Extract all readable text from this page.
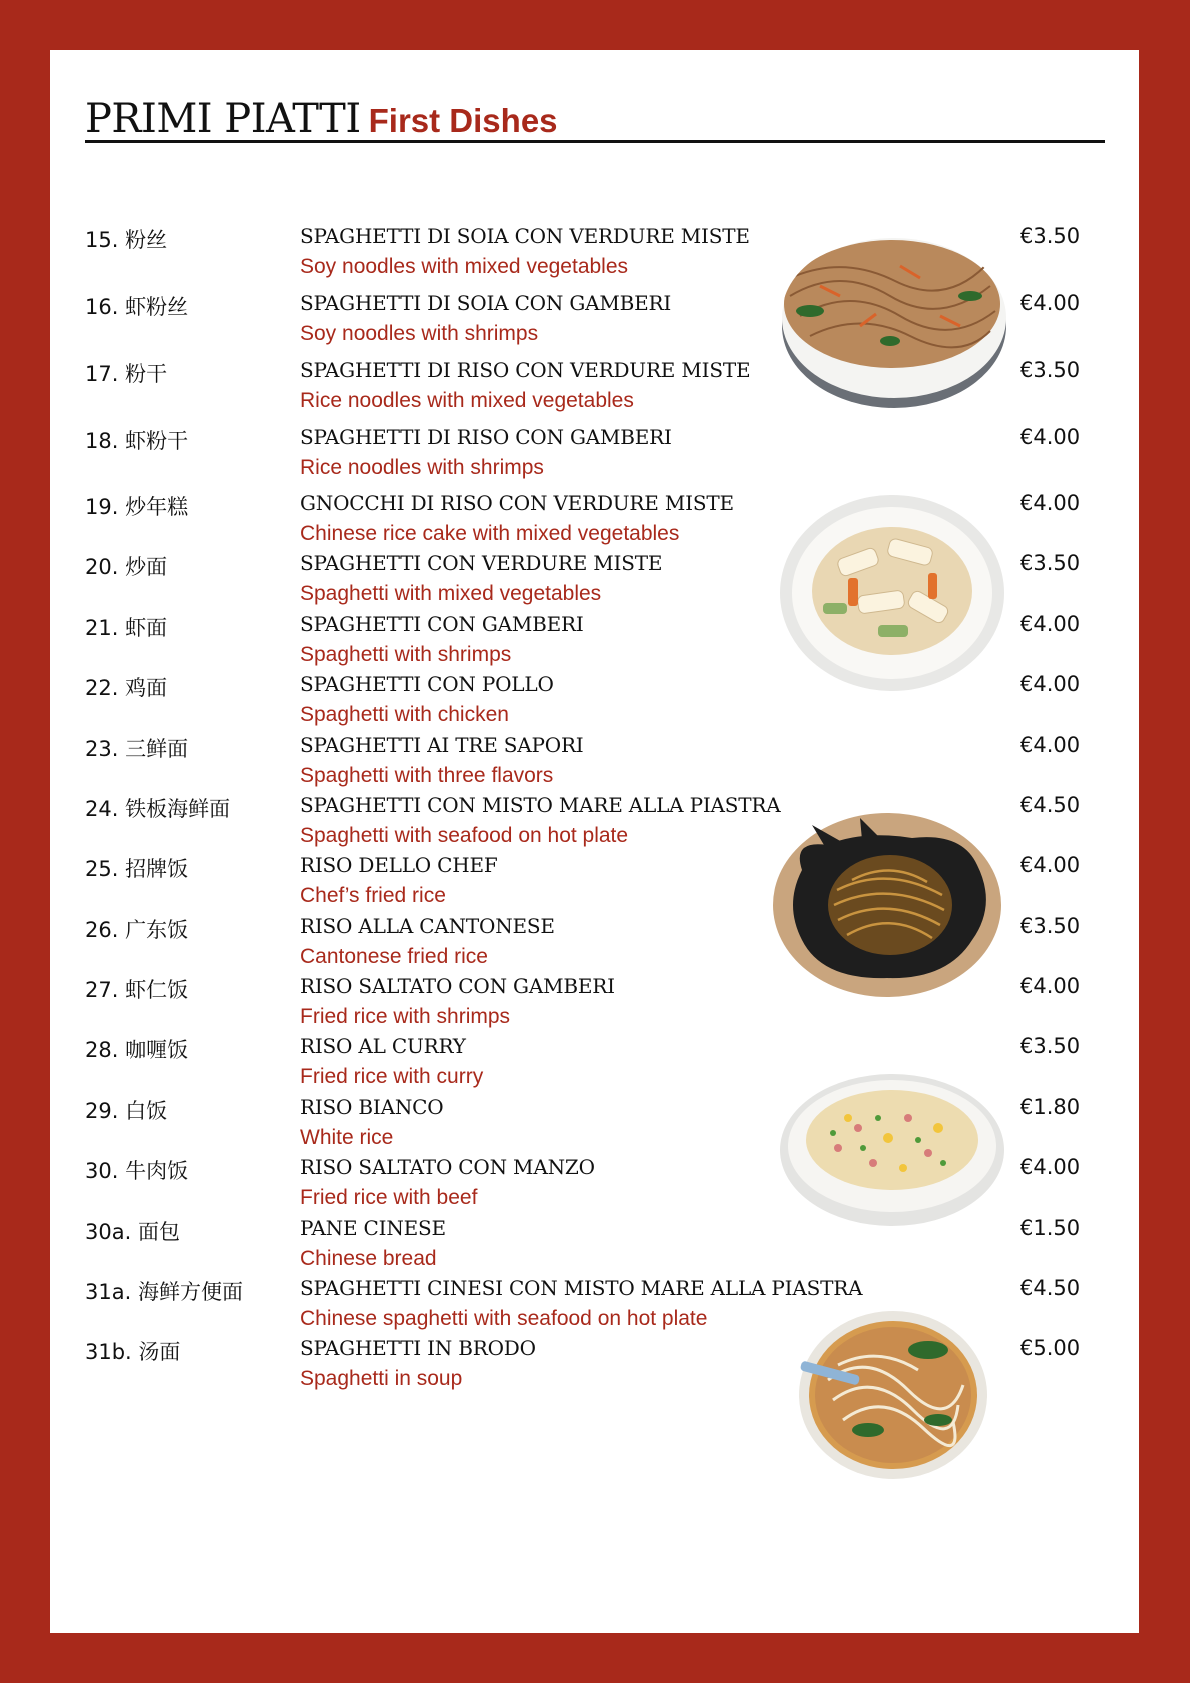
PRIMI PIATTI First Dishes
15. 粉丝	SPAGHETTI DI SOIA CON VERDURE MISTE
Soy noodles with mixed vegetables
€3.50
16. 虾粉丝	SPAGHETTI DI SOIA CON GAMBERI
Soy noodles with shrimps
€4.00
17. 粉干	SPAGHETTI DI RISO CON VERDURE MISTE
Rice noodles with mixed vegetables
€3.50
18. 虾粉干	SPAGHETTI DI RISO CON GAMBERI
Rice noodles with shrimps
€4.00
19. 炒年糕	GNOCCHI DI RISO CON VERDURE MISTE
Chinese rice cake with mixed vegetables
€4.00
20. 炒面	SPAGHETTI CON VERDURE MISTE
Spaghetti with mixed vegetables
€3.50
21. 虾面	SPAGHETTI CON GAMBERI
Spaghetti with shrimps
€4.00
22. 鸡面	SPAGHETTI CON POLLO
Spaghetti with chicken
€4.00
23. 三鲜面	SPAGHETTI AI TRE SAPORI
Spaghetti with three flavors
€4.00
24. 铁板海鲜面	SPAGHETTI CON MISTO MARE ALLA PIASTRA
Spaghetti with seafood on hot plate
€4.50
25. 招牌饭	RISO DELLO CHEF
Chef’s fried rice
€4.00
26. 广东饭	RISO ALLA CANTONESE
Cantonese fried rice
€3.50
27. 虾仁饭	RISO SALTATO CON GAMBERI
Fried rice with shrimps
€4.00
28. 咖喱饭	RISO AL CURRY
Fried rice with curry
€3.50
29. 白饭	RISO BIANCO
White rice
€1.80
30. 牛肉饭	RISO SALTATO CON MANZO
Fried rice with beef
€4.00
30a. 面包	PANE CINESE
Chinese bread
€1.50
31a. 海鲜方便面	SPAGHETTI CINESI CON MISTO MARE ALLA PIASTRA
Chinese spaghetti with seafood on hot plate
€4.50
31b. 汤面	SPAGHETTI IN BRODO
Spaghetti in soup
€5.00
